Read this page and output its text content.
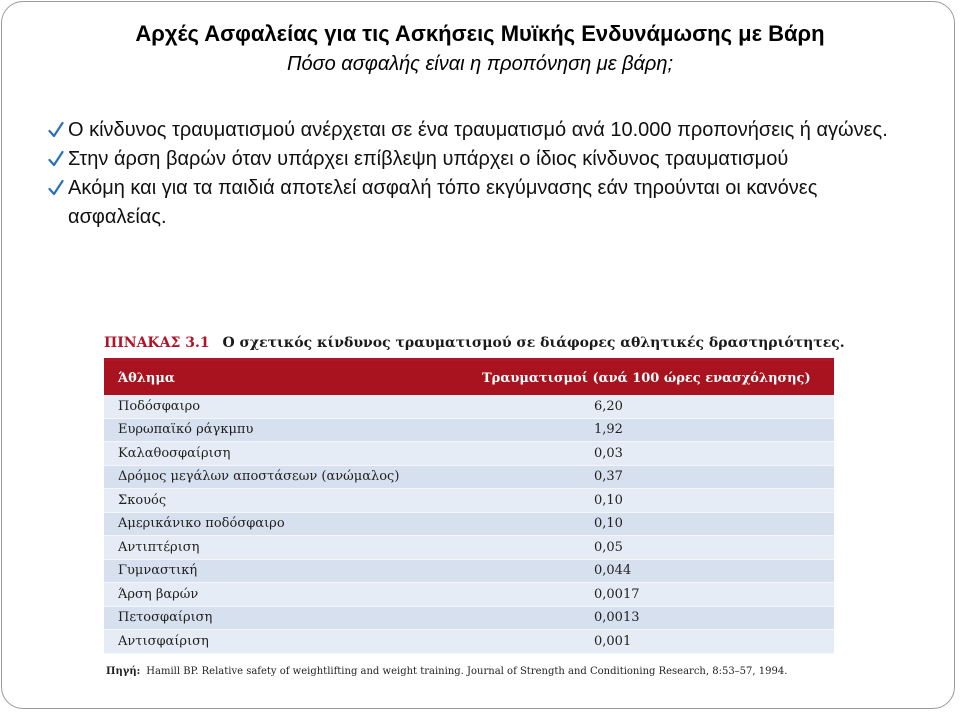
Αρχές Ασφαλείας για τις Ασκήσεις Μυϊκής Ενδυνάμωσης με Βάρη
Πόσο ασφαλής είναι η προπόνηση με βάρη;
Ο κίνδυνος τραυματισμού ανέρχεται σε ένα τραυματισμό ανά 10.000 προπονήσεις ή αγώνες.
Στην άρση βαρών όταν υπάρχει επίβλεψη υπάρχει ο ίδιος κίνδυνος τραυματισμού
Ακόμη και για τα παιδιά αποτελεί ασφαλή τόπο εκγύμνασης εάν τηρούνται οι κανόνες ασφαλείας.
ΠΙΝΑΚΑΣ 3.1 Ο σχετικός κίνδυνος τραυματισμού σε διάφορες αθλητικές δραστηριότητες.
Άθλημα	Τραυματισμοί (ανά 100 ώρες ενασχόλησης)
Ποδόσφαιρο	6,20
Ευρωπαϊκό ράγκμπυ	1,92
Καλαθοσφαίριση	0,03
Δρόμος μεγάλων αποστάσεων (ανώμαλος)	0,37
Σκουός	0,10
Αμερικάνικο ποδόσφαιρο	0,10
Αντιπτέριση	0,05
Γυμναστική	0,044
Άρση βαρών	0,0017
Πετοσφαίριση	0,0013
Αντισφαίριση	0,001
Πηγή: Hamill BP. Relative safety of weightlifting and weight training. Journal of Strength and Conditioning Research, 8:53–57, 1994.
